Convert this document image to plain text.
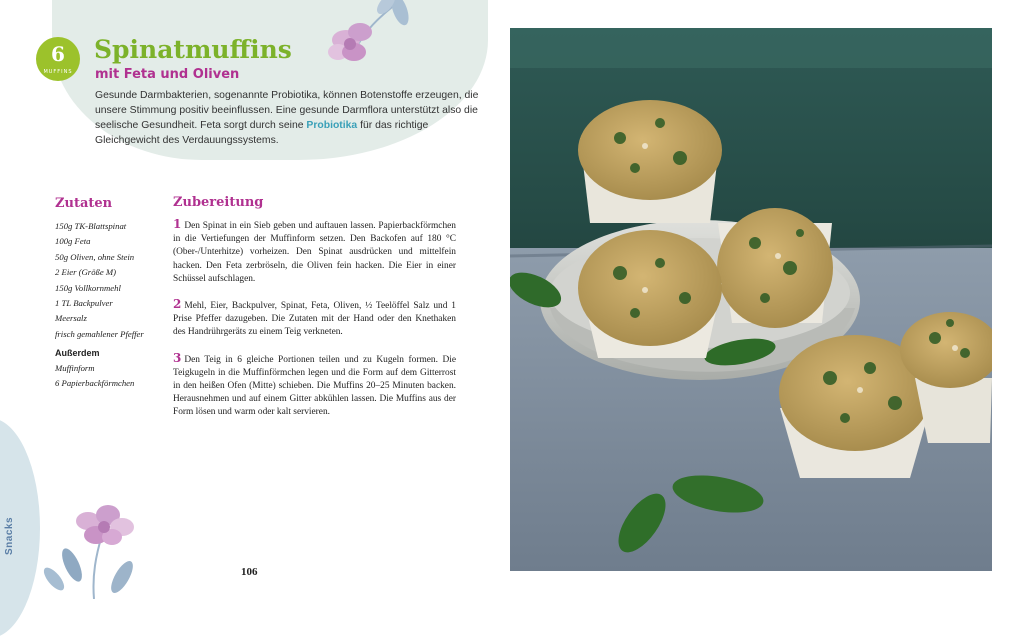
6
MUFFINS
Spinatmuffins
mit Feta und Oliven

Gesunde Darmbakterien, sogenannte Probiotika, können Botenstoffe erzeugen, die unsere Stimmung positiv beeinflussen. Eine gesunde Darmflora unterstützt also die seelische Gesundheit. Feta sorgt durch seine Probiotika für das richtige Gleichgewicht des Verdauungssystems.

Zutaten
150g TK-Blattspinat
100g Feta
50g Oliven, ohne Stein
2 Eier (Größe M)
150g Vollkornmehl
1 TL Backpulver
Meersalz
frisch gemahlener Pfeffer
Außerdem
Muffinform
6 Papierbackförmchen
Zubereitung

1 Den Spinat in ein Sieb geben und auftauen lassen. Papierbackförmchen in die Vertiefungen der Muffinform setzen. Den Backofen auf 180 °C (Ober-/Unterhitze) vorheizen. Den Spinat ausdrücken und mittelfein hacken. Den Feta zerbröseln, die Oliven fein hacken. Die Eier in einer Schüssel aufschlagen.

2 Mehl, Eier, Backpulver, Spinat, Feta, Oliven, ½ Teelöffel Salz und 1 Prise Pfeffer dazugeben. Die Zutaten mit der Hand oder den Knethaken des Handrührgeräts zu einem Teig verkneten.

3 Den Teig in 6 gleiche Portionen teilen und zu Kugeln formen. Die Teigkugeln in die Muffinförmchen legen und die Form auf dem Gitterrost in den heißen Ofen (Mitte) schieben. Die Muffins 20–25 Minuten backen. Herausnehmen und auf einem Gitter abkühlen lassen. Die Muffins aus der Form lösen und warm oder kalt servieren.

106
Snacks
